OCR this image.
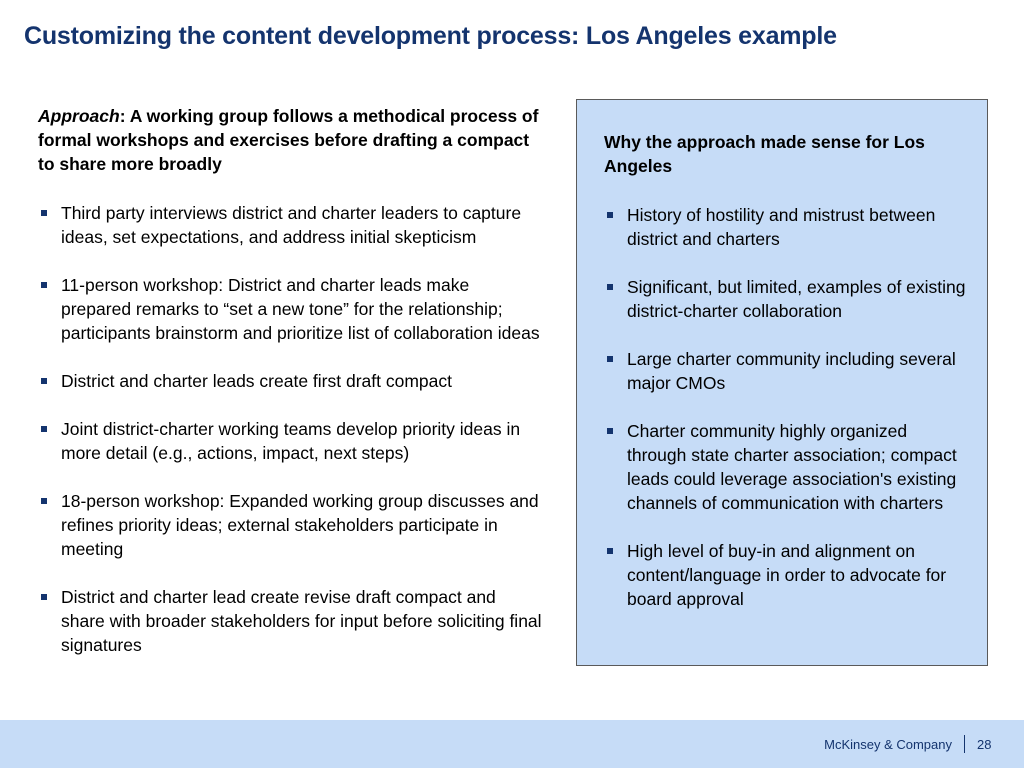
Customizing the content development process: Los Angeles example

Approach: A working group follows a methodical process of formal workshops and exercises before drafting a compact to share more broadly

Third party interviews district and charter leaders to capture ideas, set expectations, and address initial skepticism
11-person workshop: District and charter leads make prepared remarks to “set a new tone” for the relationship; participants brainstorm and prioritize list of collaboration ideas
District and charter leads create first draft compact
Joint district-charter working teams develop priority ideas in more detail (e.g., actions, impact, next steps)
18-person workshop: Expanded working group discusses and refines priority ideas; external stakeholders participate in meeting
District and charter lead create revise draft compact and share with broader stakeholders for input before soliciting final signatures

Why the approach made sense for Los Angeles

History of hostility and mistrust between district and charters
Significant, but limited, examples of existing district-charter collaboration
Large charter community including several major CMOs
Charter community highly organized through state charter association; compact leads could leverage association's existing channels of communication with charters
High level of buy-in and alignment on content/language in order to advocate for board approval
McKinsey & Company 28
